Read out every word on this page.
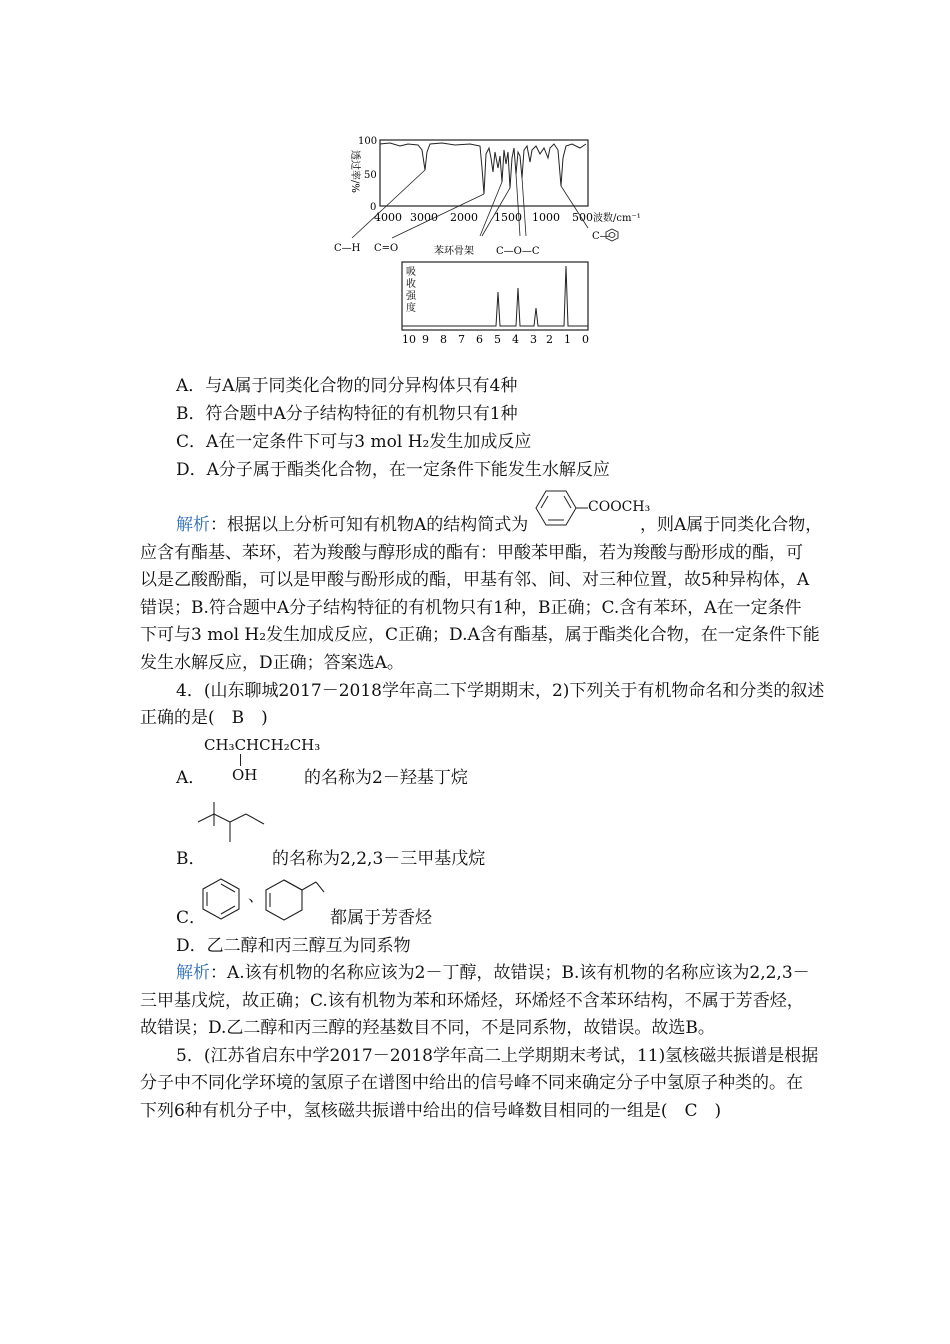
透过率/%
100
50
0
4000 3000 2000 1500 1000 500 波数/cm⁻¹
C—H C=O	苯环骨架 C—O—C
C—
吸
收
强
度
10 9 8 7 6 5 4 3 2 1 0
A．与A属于同类化合物的同分异构体只有4种
B．符合题中A分子结构特征的有机物只有1种
C．A在一定条件下可与3 mol H₂发生加成反应
D．A分子属于酯类化合物，在一定条件下能发生水解反应
解析：根据以上分析可知有机物A的结构简式为
COOCH₃
，则A属于同类化合物，
应含有酯基、苯环，若为羧酸与醇形成的酯有：甲酸苯甲酯，若为羧酸与酚形成的酯，可
以是乙酸酚酯，可以是甲酸与酚形成的酯，甲基有邻、间、对三种位置，故5种异构体，A
错误；B.符合题中A分子结构特征的有机物只有1种，B正确；C.含有苯环，A在一定条件
下可与3 mol H₂发生加成反应，C正确；D.A含有酯基，属于酯类化合物，在一定条件下能
发生水解反应，D正确；答案选A。
4．(山东聊城2017－2018学年高二下学期期末，2)下列关于有机物命名和分类的叙述
正确的是(　B　)
CH₃CHCH₂CH₃
OH
A．	的名称为2－羟基丁烷
B．	的名称为2,2,3－三甲基戊烷
、
C．	都属于芳香烃
D．乙二醇和丙三醇互为同系物
解析：A.该有机物的名称应该为2－丁醇，故错误；B.该有机物的名称应该为2,2,3－
三甲基戊烷，故正确；C.该有机物为苯和环烯烃，环烯烃不含苯环结构，不属于芳香烃，
故错误；D.乙二醇和丙三醇的羟基数目不同，不是同系物，故错误。故选B。
5．(江苏省启东中学2017－2018学年高二上学期期末考试，11)氢核磁共振谱是根据
分子中不同化学环境的氢原子在谱图中给出的信号峰不同来确定分子中氢原子种类的。在
下列6种有机分子中，氢核磁共振谱中给出的信号峰数目相同的一组是(　C　)
